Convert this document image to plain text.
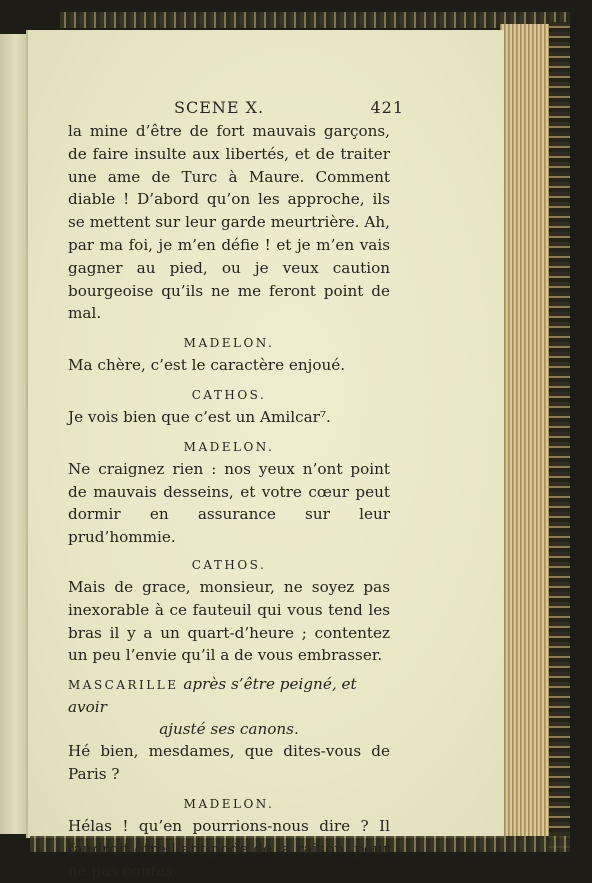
SCENE X.	421

la mine d’être de fort mauvais garçons, de faire insulte aux libertés, et de traiter une ame de Turc à Maure. Comment diable ! D’abord qu’on les approche, ils se mettent sur leur garde meurtrière. Ah, par ma foi, je m’en défie ! et je m’en vais gagner au pied, ou je veux caution bourgeoise qu’ils ne me feront point de mal.

MADELON.

Ma chère, c’est le caractère enjoué.

CATHOS.

Je vois bien que c’est un Amilcar⁷.

MADELON.

Ne craignez rien : nos yeux n’ont point de mauvais desseins, et votre cœur peut dormir en assurance sur leur prud’hommie.

CATHOS.

Mais de grace, monsieur, ne soyez pas inexorable à ce fauteuil qui vous tend les bras il y a un quart-d’heure ; contentez un peu l’envie qu’il a de vous embrasser.

MASCARILLE après s’être peigné, et avoir
ajusté ses canons.

Hé bien, mesdames, que dites-vous de Paris ?

MADELON.

Hélas ! qu’en pourrions-nous dire ? Il faudroit être l’antipode de la raison, pour ne pas confes-
